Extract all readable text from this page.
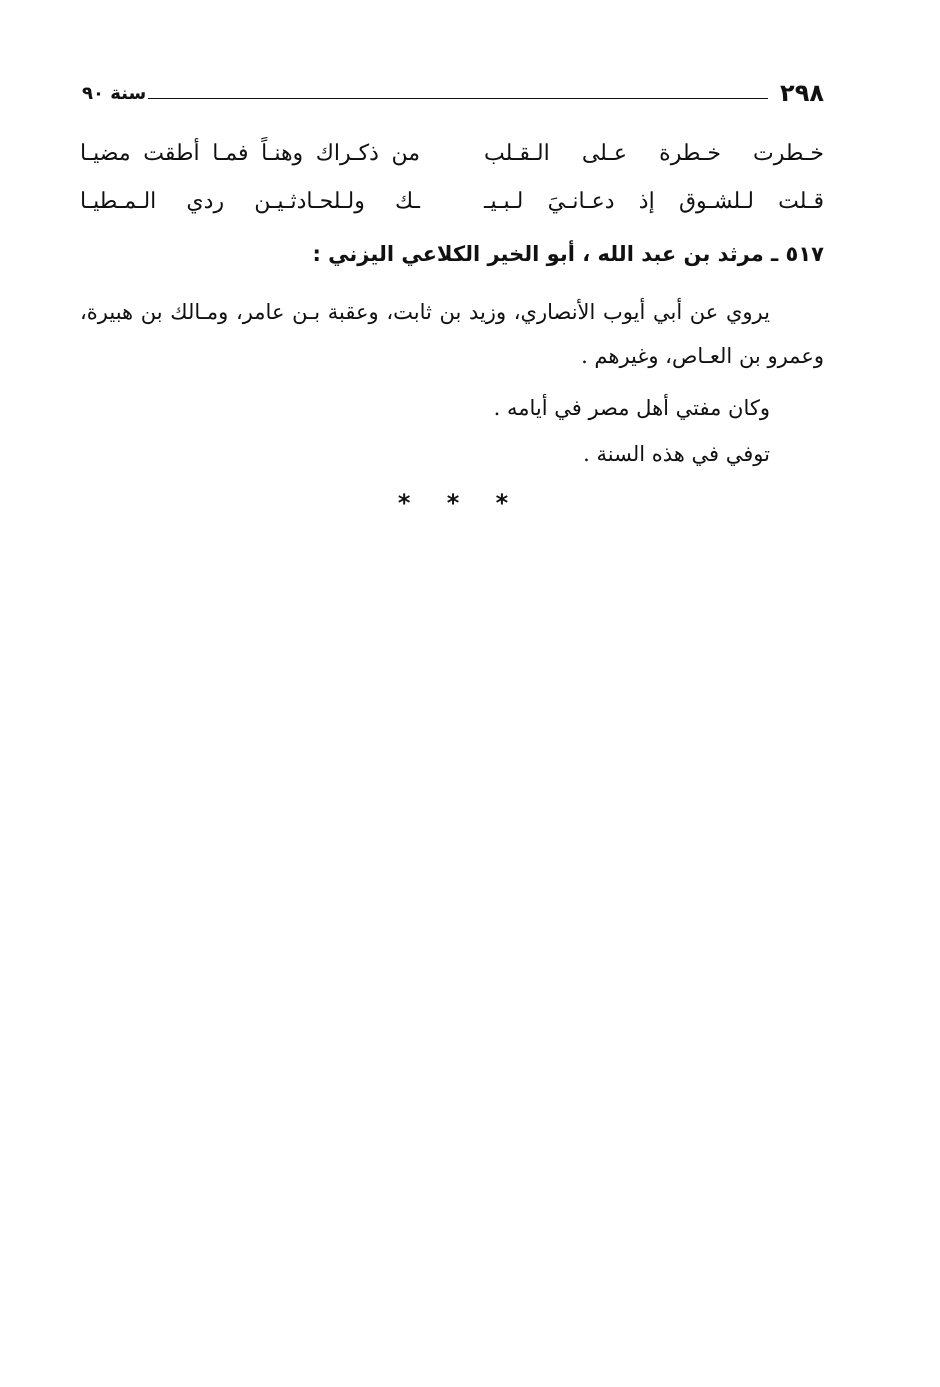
٢٩٨
سنة ٩٠
خـطرت خـطرة عـلى الـقـلب
من ذكـراك وهنـاً فمـا أطقت مضيـا
قـلت لـلشـوق إذ دعـانـيَ لـبـيـ
ـك ولـلحـادثـيـن ردي الـمـطيـا
٥١٧ ـ مرثد بن عبد الله ، أبو الخير الكلاعي اليزني :

يروي عن أبي أيوب الأنصاري، وزيد بن ثابت، وعقبة بـن عامر، ومـالك بن هبيرة، وعمرو بن العـاص، وغيرهم .

وكان مفتي أهل مصر في أيامه .

توفي في هذه السنة .

* * *
